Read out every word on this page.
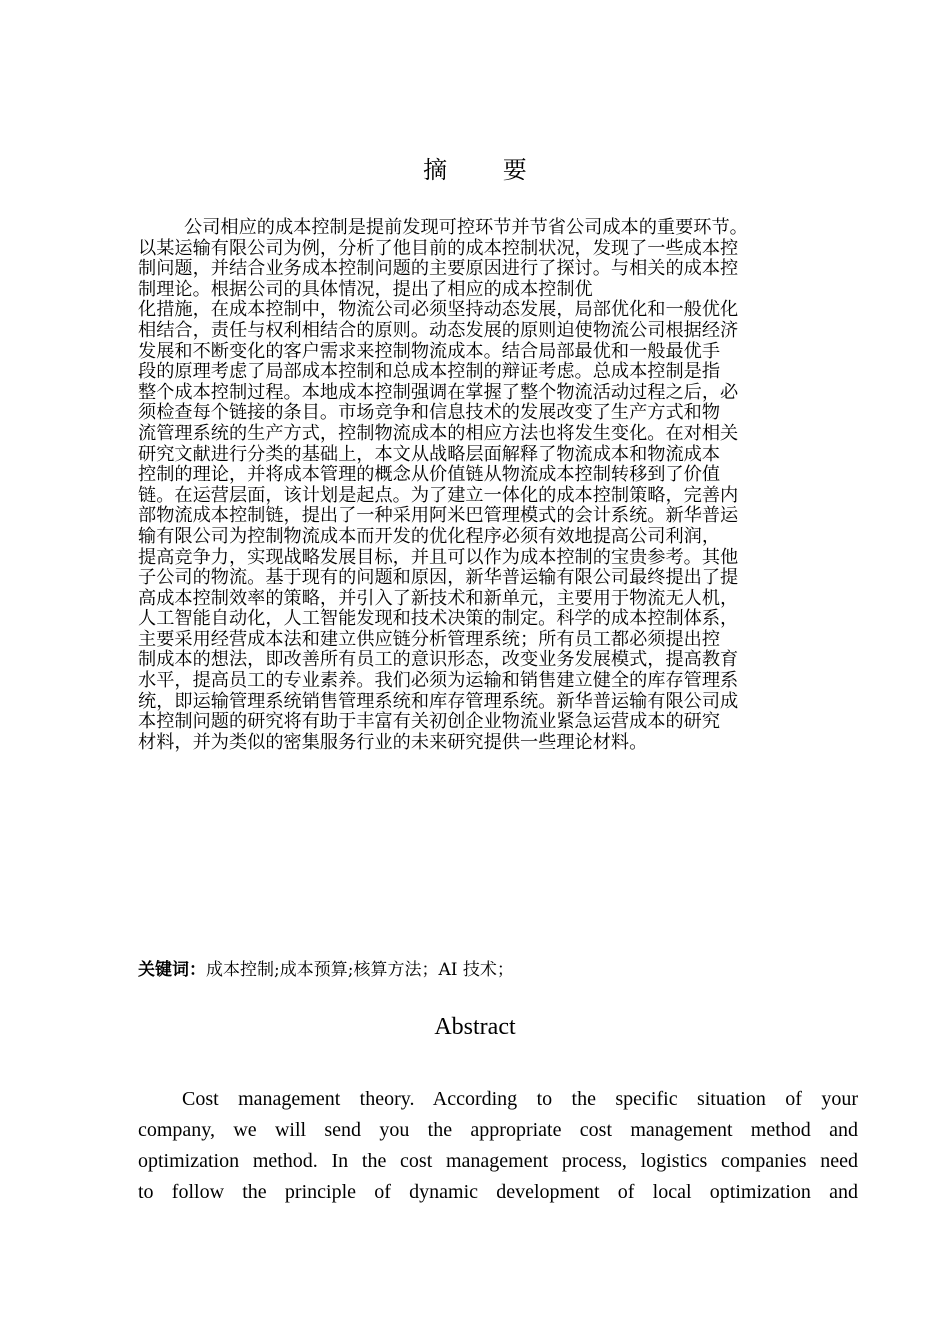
摘 要
公司相应的成本控制是提前发现可控环节并节省公司成本的重要环节。
以某运输有限公司为例，分析了他目前的成本控制状况，发现了一些成本控
制问题，并结合业务成本控制问题的主要原因进行了探讨。与相关的成本控
制理论。根据公司的具体情况，提出了相应的成本控制优
化措施，在成本控制中，物流公司必须坚持动态发展，局部优化和一般优化
相结合，责任与权利相结合的原则。动态发展的原则迫使物流公司根据经济
发展和不断变化的客户需求来控制物流成本。结合局部最优和一般最优手
段的原理考虑了局部成本控制和总成本控制的辩证考虑。总成本控制是指
整个成本控制过程。本地成本控制强调在掌握了整个物流活动过程之后，必
须检查每个链接的条目。市场竞争和信息技术的发展改变了生产方式和物
流管理系统的生产方式，控制物流成本的相应方法也将发生变化。在对相关
研究文献进行分类的基础上，本文从战略层面解释了物流成本和物流成本
控制的理论，并将成本管理的概念从价值链从物流成本控制转移到了价值
链。在运营层面，该计划是起点。为了建立一体化的成本控制策略，完善内
部物流成本控制链，提出了一种采用阿米巴管理模式的会计系统。新华普运
输有限公司为控制物流成本而开发的优化程序必须有效地提高公司利润，
提高竞争力，实现战略发展目标，并且可以作为成本控制的宝贵参考。其他
子公司的物流。基于现有的问题和原因，新华普运输有限公司最终提出了提
高成本控制效率的策略，并引入了新技术和新单元，主要用于物流无人机，
人工智能自动化，人工智能发现和技术决策的制定。科学的成本控制体系，
主要采用经营成本法和建立供应链分析管理系统；所有员工都必须提出控
制成本的想法，即改善所有员工的意识形态，改变业务发展模式，提高教育
水平，提高员工的专业素养。我们必须为运输和销售建立健全的库存管理系
统，即运输管理系统销售管理系统和库存管理系统。新华普运输有限公司成
本控制问题的研究将有助于丰富有关初创企业物流业紧急运营成本的研究
材料，并为类似的密集服务行业的未来研究提供一些理论材料。
关键词：成本控制;成本预算;核算方法；AI 技术；
Abstract
Cost management theory. According to the specific situation of your
company, we will send you the appropriate cost management method and
optimization method. In the cost management process, logistics companies need
to follow the principle of dynamic development of local optimization and
